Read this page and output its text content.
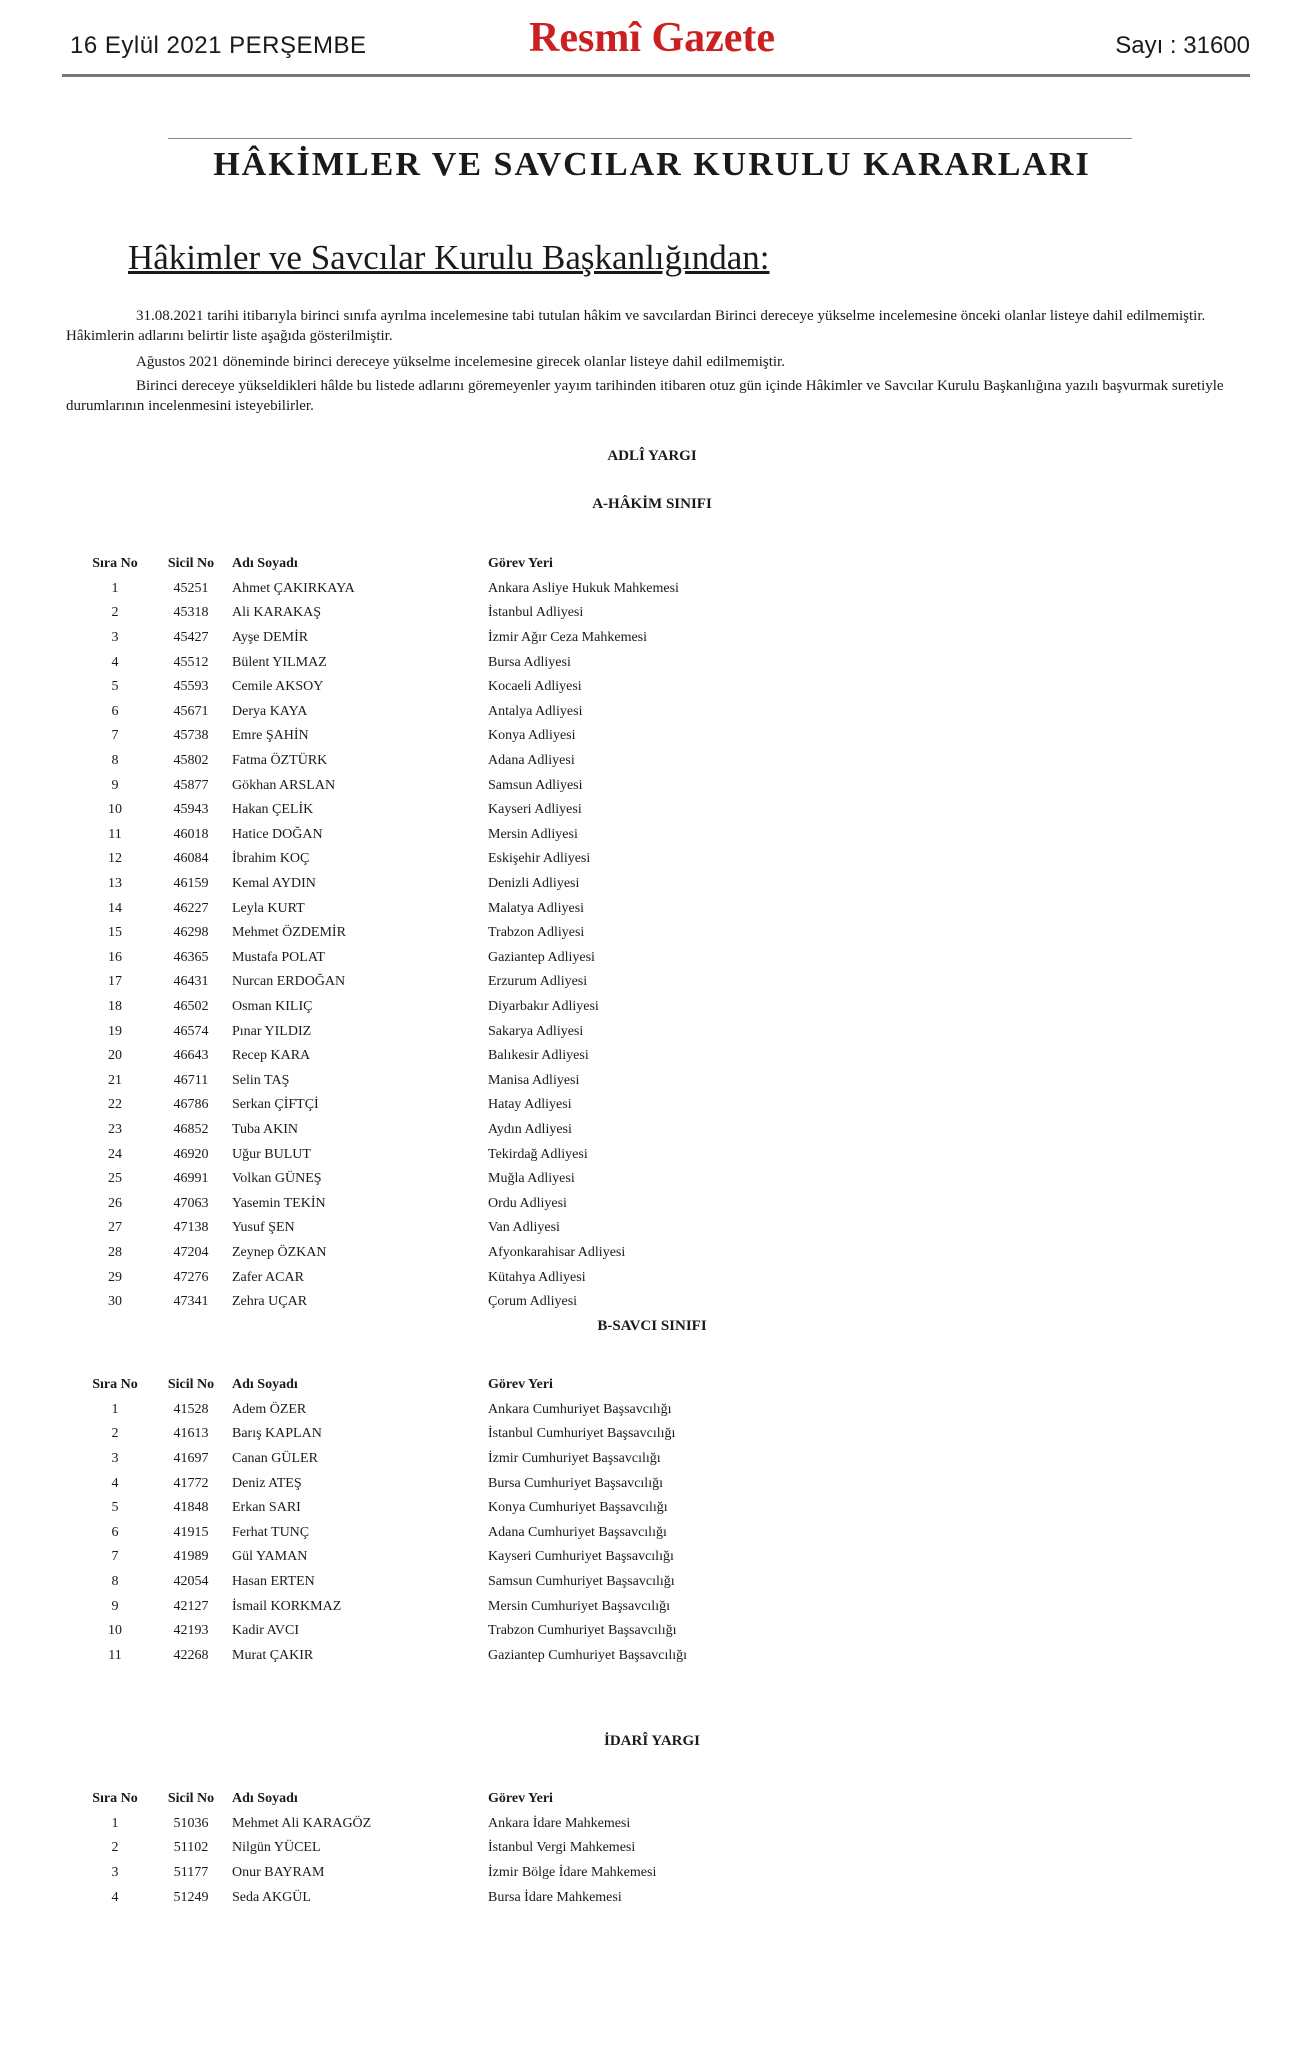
16 Eylül 2021 PERŞEMBE	Resmî Gazete	Sayı : 31600
HÂKİMLER VE SAVCILAR KURULU KARARLARI
Hâkimler ve Savcılar Kurulu Başkanlığından:
31.08.2021 tarihi itibarıyla birinci sınıfa ayrılma incelemesine tabi tutulan hâkim ve savcılardan Birinci dereceye yükselme incelemesine önceki olanlar listeye dahil edilmemiştir. Hâkimlerin adlarını belirtir liste aşağıda gösterilmiştir.
Ağustos 2021 döneminde birinci dereceye yükselme incelemesine girecek olanlar listeye dahil edilmemiştir.
Birinci dereceye yükseldikleri hâlde bu listede adlarını göremeyenler yayım tarihinden itibaren otuz gün içinde Hâkimler ve Savcılar Kurulu Başkanlığına yazılı başvurmak suretiyle durumlarının incelenmesini isteyebilirler.
ADLÎ YARGI
A-HÂKİM SINIFI
Sıra No	Sicil No	Adı Soyadı	Görev Yeri
1	45251	Ahmet ÇAKIRKAYA	Ankara Asliye Hukuk Mahkemesi
2	45318	Ali KARAKAŞ	İstanbul Adliyesi
3	45427	Ayşe DEMİR	İzmir Ağır Ceza Mahkemesi
4	45512	Bülent YILMAZ	Bursa Adliyesi
5	45593	Cemile AKSOY	Kocaeli Adliyesi
6	45671	Derya KAYA	Antalya Adliyesi
7	45738	Emre ŞAHİN	Konya Adliyesi
8	45802	Fatma ÖZTÜRK	Adana Adliyesi
9	45877	Gökhan ARSLAN	Samsun Adliyesi
10	45943	Hakan ÇELİK	Kayseri Adliyesi
11	46018	Hatice DOĞAN	Mersin Adliyesi
12	46084	İbrahim KOÇ	Eskişehir Adliyesi
13	46159	Kemal AYDIN	Denizli Adliyesi
14	46227	Leyla KURT	Malatya Adliyesi
15	46298	Mehmet ÖZDEMİR	Trabzon Adliyesi
16	46365	Mustafa POLAT	Gaziantep Adliyesi
17	46431	Nurcan ERDOĞAN	Erzurum Adliyesi
18	46502	Osman KILIÇ	Diyarbakır Adliyesi
19	46574	Pınar YILDIZ	Sakarya Adliyesi
20	46643	Recep KARA	Balıkesir Adliyesi
21	46711	Selin TAŞ	Manisa Adliyesi
22	46786	Serkan ÇİFTÇİ	Hatay Adliyesi
23	46852	Tuba AKIN	Aydın Adliyesi
24	46920	Uğur BULUT	Tekirdağ Adliyesi
25	46991	Volkan GÜNEŞ	Muğla Adliyesi
26	47063	Yasemin TEKİN	Ordu Adliyesi
27	47138	Yusuf ŞEN	Van Adliyesi
28	47204	Zeynep ÖZKAN	Afyonkarahisar Adliyesi
29	47276	Zafer ACAR	Kütahya Adliyesi
30	47341	Zehra UÇAR	Çorum Adliyesi
B-SAVCI SINIFI
Sıra No	Sicil No	Adı Soyadı	Görev Yeri
1	41528	Adem ÖZER	Ankara Cumhuriyet Başsavcılığı
2	41613	Barış KAPLAN	İstanbul Cumhuriyet Başsavcılığı
3	41697	Canan GÜLER	İzmir Cumhuriyet Başsavcılığı
4	41772	Deniz ATEŞ	Bursa Cumhuriyet Başsavcılığı
5	41848	Erkan SARI	Konya Cumhuriyet Başsavcılığı
6	41915	Ferhat TUNÇ	Adana Cumhuriyet Başsavcılığı
7	41989	Gül YAMAN	Kayseri Cumhuriyet Başsavcılığı
8	42054	Hasan ERTEN	Samsun Cumhuriyet Başsavcılığı
9	42127	İsmail KORKMAZ	Mersin Cumhuriyet Başsavcılığı
10	42193	Kadir AVCI	Trabzon Cumhuriyet Başsavcılığı
11	42268	Murat ÇAKIR	Gaziantep Cumhuriyet Başsavcılığı
İDARÎ YARGI
Sıra No	Sicil No	Adı Soyadı	Görev Yeri
1	51036	Mehmet Ali KARAGÖZ	Ankara İdare Mahkemesi
2	51102	Nilgün YÜCEL	İstanbul Vergi Mahkemesi
3	51177	Onur BAYRAM	İzmir Bölge İdare Mahkemesi
4	51249	Seda AKGÜL	Bursa İdare Mahkemesi
